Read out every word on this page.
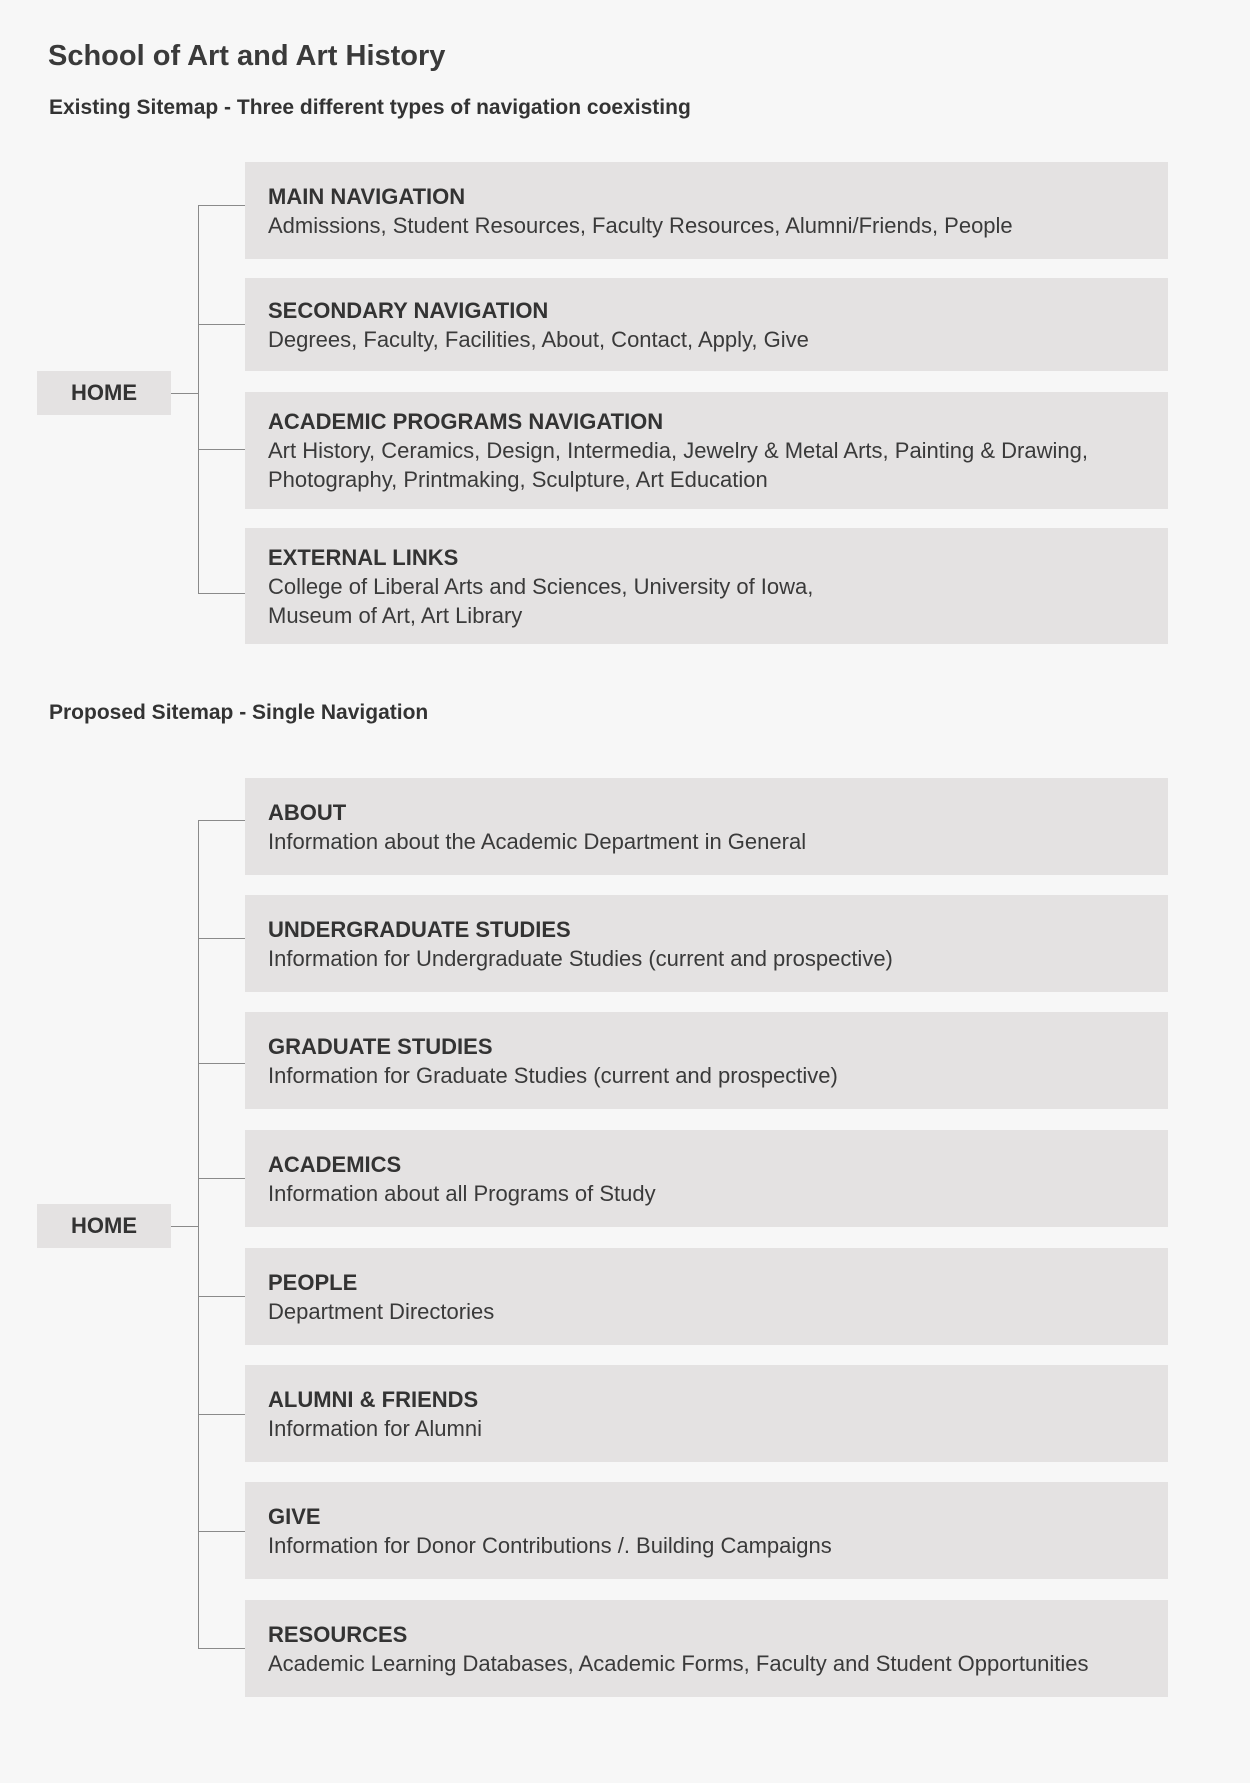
School of Art and Art History
Existing Sitemap - Three different types of navigation coexisting
HOME
MAIN NAVIGATION
Admissions, Student Resources, Faculty Resources, Alumni/Friends, People
SECONDARY NAVIGATION
Degrees, Faculty, Facilities, About, Contact, Apply, Give
ACADEMIC PROGRAMS NAVIGATION
Art History, Ceramics, Design, Intermedia, Jewelry & Metal Arts, Painting & Drawing,
Photography, Printmaking, Sculpture, Art Education
EXTERNAL LINKS
College of Liberal Arts and Sciences, University of Iowa,
Museum of Art, Art Library
Proposed Sitemap - Single Navigation
HOME
ABOUT
Information about the Academic Department in General
UNDERGRADUATE STUDIES
Information for Undergraduate Studies (current and prospective)
GRADUATE STUDIES
Information for Graduate Studies (current and prospective)
ACADEMICS
Information about all Programs of Study
PEOPLE
Department Directories
ALUMNI & FRIENDS
Information for Alumni
GIVE
Information for Donor Contributions /. Building Campaigns
RESOURCES
Academic Learning Databases, Academic Forms, Faculty and Student Opportunities
